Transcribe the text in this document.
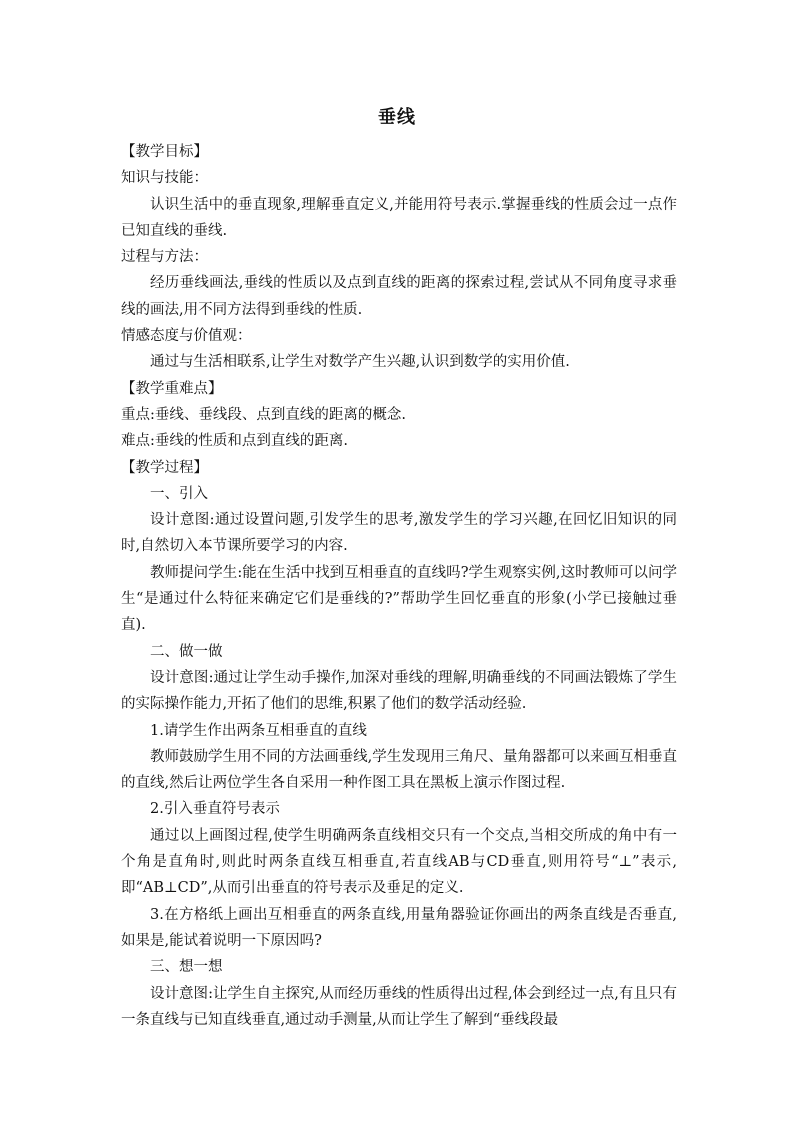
垂线

【教学目标】

知识与技能：

认识生活中的垂直现象,理解垂直定义,并能用符号表示.掌握垂线的性质会过一点作已知直线的垂线.

过程与方法：

经历垂线画法,垂线的性质以及点到直线的距离的探索过程,尝试从不同角度寻求垂线的画法,用不同方法得到垂线的性质.

情感态度与价值观：

通过与生活相联系,让学生对数学产生兴趣,认识到数学的实用价值.

【教学重难点】

重点:垂线、垂线段、点到直线的距离的概念.

难点:垂线的性质和点到直线的距离.

【教学过程】

一、引入

设计意图:通过设置问题,引发学生的思考,激发学生的学习兴趣,在回忆旧知识的同时,自然切入本节课所要学习的内容.

教师提问学生:能在生活中找到互相垂直的直线吗?学生观察实例,这时教师可以问学生“是通过什么特征来确定它们是垂线的?”帮助学生回忆垂直的形象(小学已接触过垂直).

二、做一做

设计意图:通过让学生动手操作,加深对垂线的理解,明确垂线的不同画法锻炼了学生的实际操作能力,开拓了他们的思维,积累了他们的数学活动经验.

1.请学生作出两条互相垂直的直线

教师鼓励学生用不同的方法画垂线,学生发现用三角尺、量角器都可以来画互相垂直的直线,然后让两位学生各自采用一种作图工具在黑板上演示作图过程.

2.引入垂直符号表示

通过以上画图过程,使学生明确两条直线相交只有一个交点,当相交所成的角中有一个角是直角时,则此时两条直线互相垂直,若直线AB与CD垂直,则用符号“⊥”表示,即“AB⊥CD”,从而引出垂直的符号表示及垂足的定义.

3.在方格纸上画出互相垂直的两条直线,用量角器验证你画出的两条直线是否垂直,如果是,能试着说明一下原因吗?

三、想一想

设计意图:让学生自主探究,从而经历垂线的性质得出过程,体会到经过一点,有且只有一条直线与已知直线垂直,通过动手测量,从而让学生了解到“垂线段最
